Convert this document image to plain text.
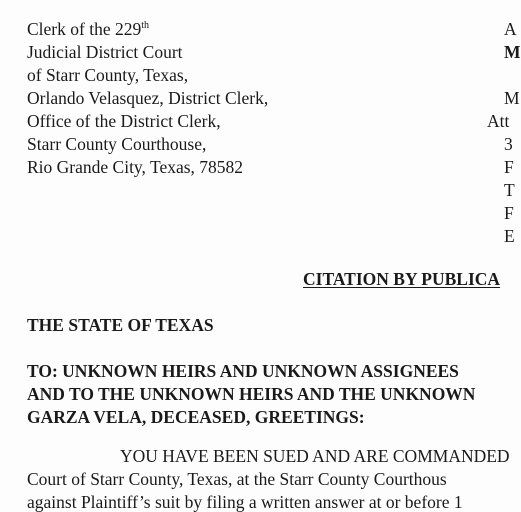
Clerk of the 229th
Judicial District Court
of Starr County, Texas,
Orlando Velasquez, District Clerk,
Office of the District Clerk,
Starr County Courthouse,
Rio Grande City, Texas, 78582
A
M
M
Att
3
F
T
F
E
CITATION BY PUBLICA
THE STATE OF TEXAS
TO: UNKNOWN HEIRS AND UNKNOWN ASSIGNEES
AND TO THE UNKNOWN HEIRS AND THE UNKNOWN
GARZA VELA, DECEASED, GREETINGS:
YOU HAVE BEEN SUED AND ARE COMMANDED
Court of Starr County, Texas, at the Starr County Courthous
against Plaintiff’s suit by filing a written answer at or before 1
